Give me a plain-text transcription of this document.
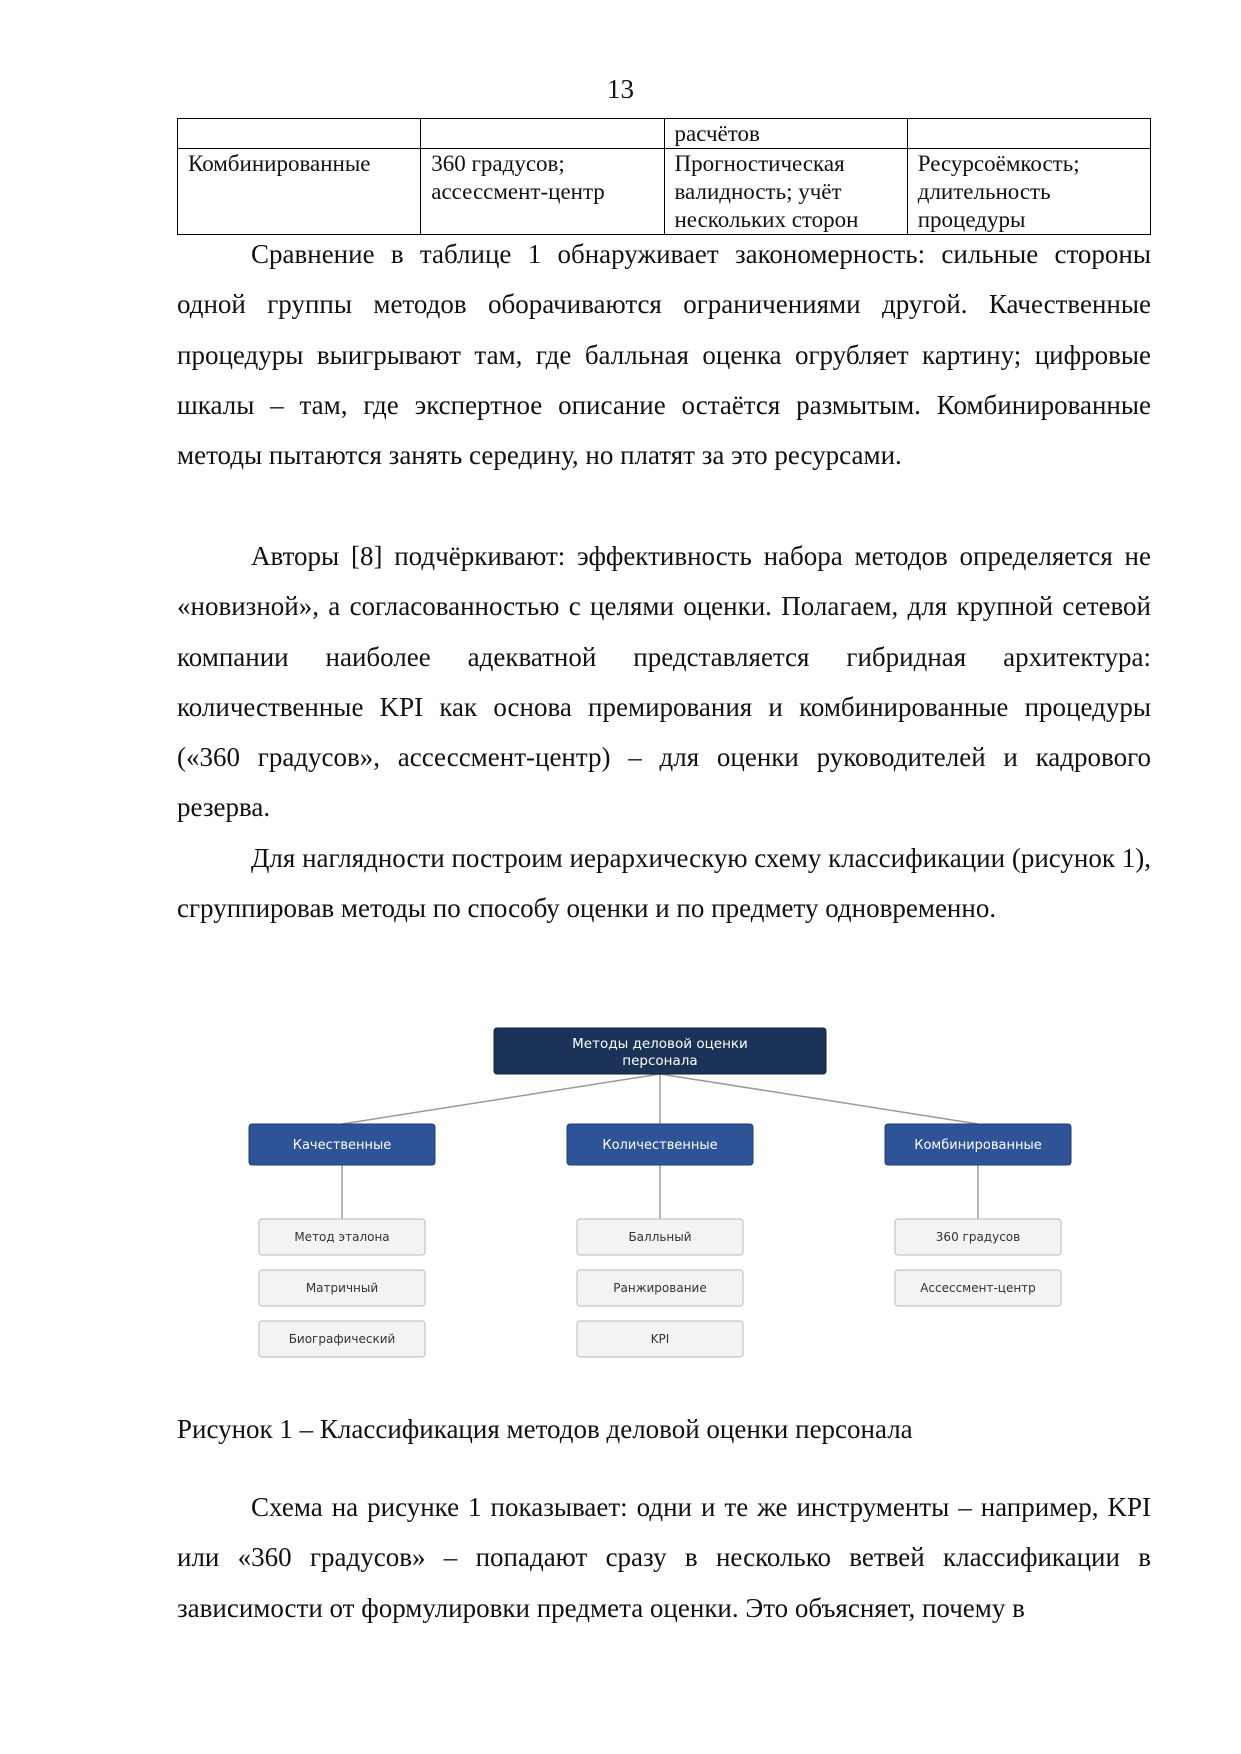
13
		расчётов	
Комбинированные	360 градусов; ассессмент-центр	Прогностическая валидность; учёт нескольких сторон	Ресурсоёмкость; длительность процедуры

Сравнение в таблице 1 обнаруживает закономерность: сильные стороны одной группы методов оборачиваются ограничениями другой. Качественные процедуры выигрывают там, где балльная оценка огрубляет картину; цифровые шкалы – там, где экспертное описание остаётся размытым. Комбинированные методы пытаются занять середину, но платят за это ресурсами.

Авторы [8] подчёркивают: эффективность набора методов определяется не «новизной», а согласованностью с целями оценки. Полагаем, для крупной сетевой компании наиболее адекватной представляется гибридная архитектура: количественные KPI как основа премирования и комбинированные процедуры («360 градусов», ассессмент-центр) – для оценки руководителей и кадрового резерва.

Для наглядности построим иерархическую схему классификации (рисунок 1), сгруппировав методы по способу оценки и по предмету одновременно.

Методы деловой оценки
персонала
Качественные
Метод эталона
Матричный
Биографический
Количественные
Балльный
Ранжирование
KPI
Комбинированные
360 градусов
Ассессмент-центр
Рисунок 1 – Классификация методов деловой оценки персонала

Схема на рисунке 1 показывает: одни и те же инструменты – например, KPI или «360 градусов» – попадают сразу в несколько ветвей классификации в зависимости от формулировки предмета оценки. Это объясняет, почему в
